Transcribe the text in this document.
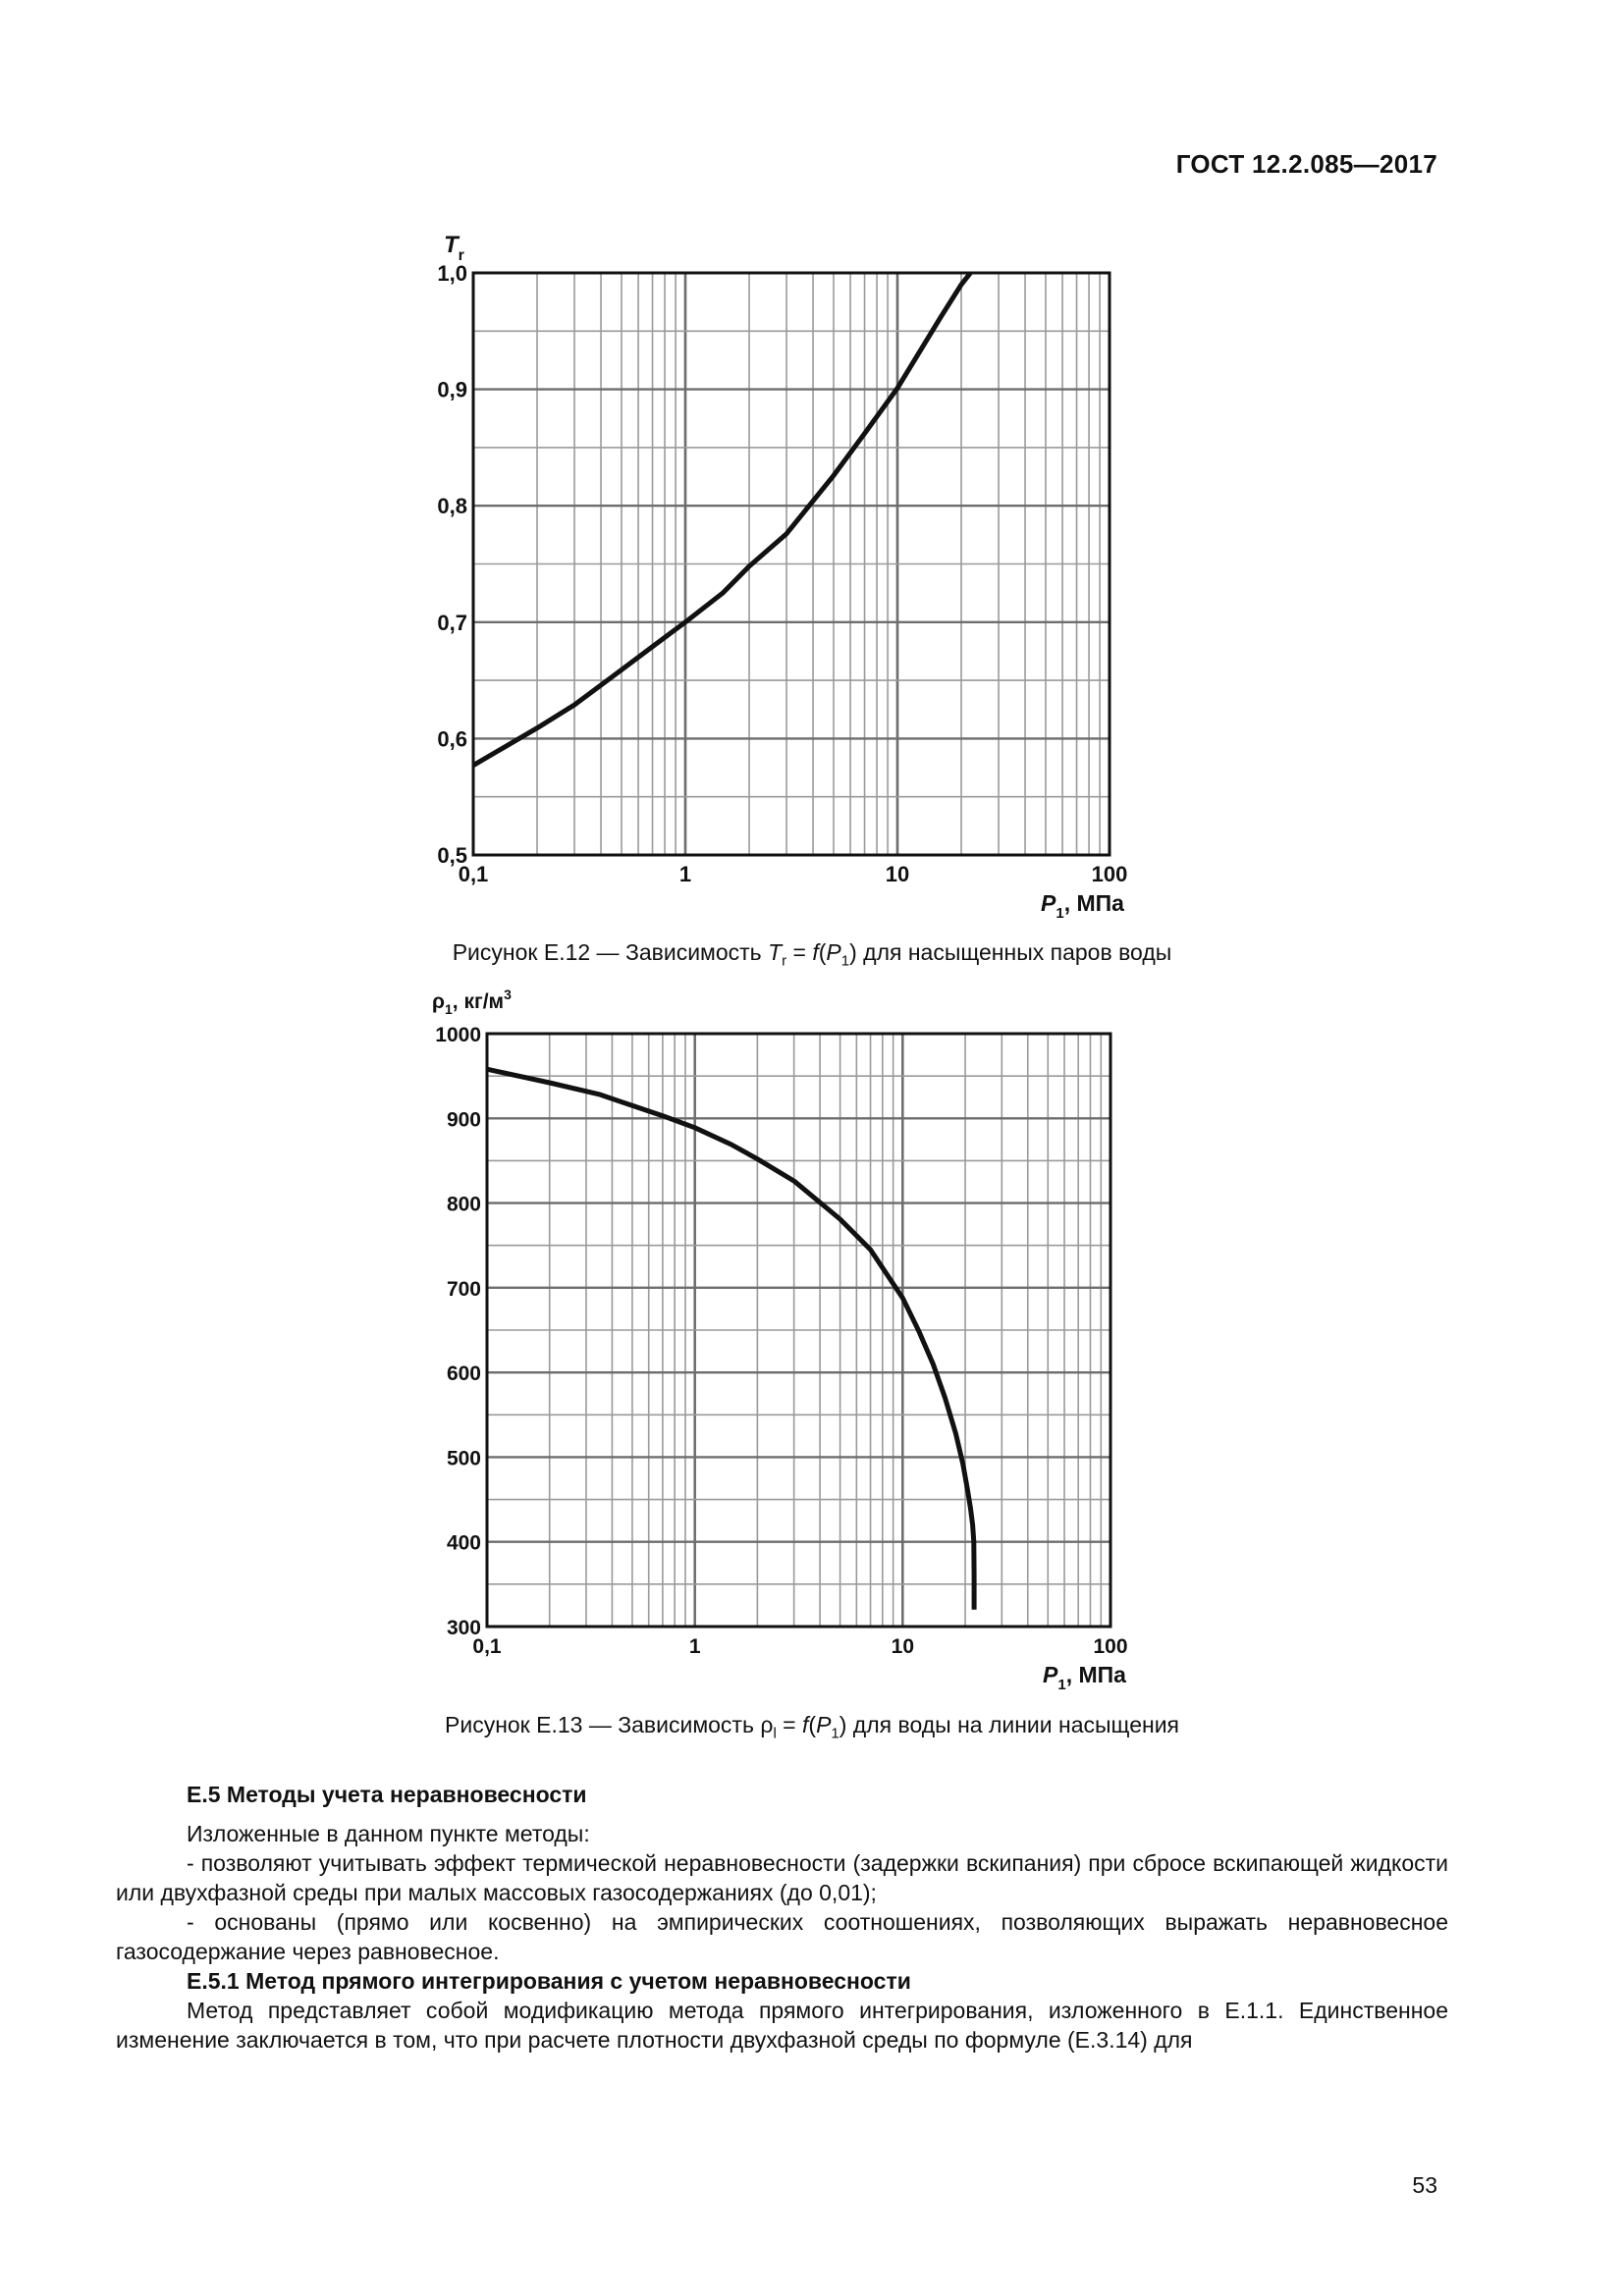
ГОСТ 12.2.085—2017
0,5
0,6
0,7
0,8
0,9
1,0
0,1	1	10	100
$T_r$
$P_1$, МПа
Рисунок Е.12 — Зависимость $T_r = f(P_1)$ для насыщенных паров воды
300
400
500
600
700
800
900
1000
0,1	1	10	100
$\rho_1$, $кг/м^3$
$P_1$, МПа
Рисунок Е.13 — Зависимость $\rho_l = f(P_1)$ для воды на линии насыщения

Е.5 Методы учета неравновесности

Изложенные в данном пункте методы:

- позволяют учитывать эффект термической неравновесности (задержки вскипания) при сбросе вскипающей жидкости или двухфазной среды при малых массовых газосодержаниях (до 0,01);

- основаны (прямо или косвенно) на эмпирических соотношениях, позволяющих выражать неравновесное газосодержание через равновесное.

Е.5.1 Метод прямого интегрирования с учетом неравновесности

Метод представляет собой модификацию метода прямого интегрирования, изложенного в Е.1.1. Единственное изменение заключается в том, что при расчете плотности двухфазной среды по формуле (Е.3.14) для

53
